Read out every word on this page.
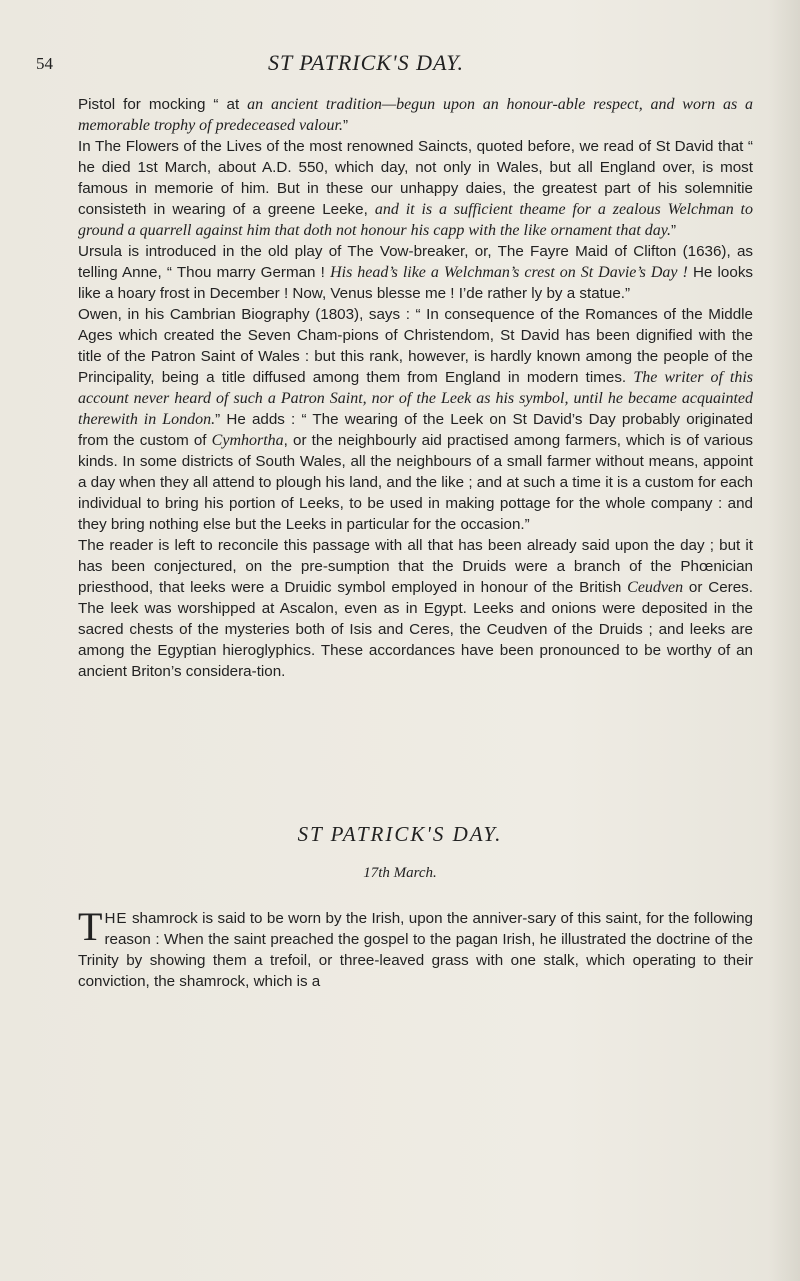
54	ST PATRICK'S DAY.

Pistol for mocking “ at an ancient tradition—begun upon an honour-able respect, and worn as a memorable trophy of predeceased valour.”

In The Flowers of the Lives of the most renowned Saincts, quoted before, we read of St David that “ he died 1st March, about A.D. 550, which day, not only in Wales, but all England over, is most famous in memorie of him. But in these our unhappy daies, the greatest part of his solemnitie consisteth in wearing of a greene Leeke, and it is a sufficient theame for a zealous Welchman to ground a quarrell against him that doth not honour his capp with the like ornament that day.”

Ursula is introduced in the old play of The Vow-breaker, or, The Fayre Maid of Clifton (1636), as telling Anne, “ Thou marry German ! His head’s like a Welchman’s crest on St Davie’s Day ! He looks like a hoary frost in December ! Now, Venus blesse me ! I’de rather ly by a statue.”

Owen, in his Cambrian Biography (1803), says : “ In consequence of the Romances of the Middle Ages which created the Seven Cham-pions of Christendom, St David has been dignified with the title of the Patron Saint of Wales : but this rank, however, is hardly known among the people of the Principality, being a title diffused among them from England in modern times. The writer of this account never heard of such a Patron Saint, nor of the Leek as his symbol, until he became acquainted therewith in London.” He adds : “ The wearing of the Leek on St David’s Day probably originated from the custom of Cymhortha, or the neighbourly aid practised among farmers, which is of various kinds. In some districts of South Wales, all the neighbours of a small farmer without means, appoint a day when they all attend to plough his land, and the like ; and at such a time it is a custom for each individual to bring his portion of Leeks, to be used in making pottage for the whole company : and they bring nothing else but the Leeks in particular for the occasion.”

The reader is left to reconcile this passage with all that has been already said upon the day ; but it has been conjectured, on the pre-sumption that the Druids were a branch of the Phœnician priesthood, that leeks were a Druidic symbol employed in honour of the British Ceudven or Ceres. The leek was worshipped at Ascalon, even as in Egypt. Leeks and onions were deposited in the sacred chests of the mysteries both of Isis and Ceres, the Ceudven of the Druids ; and leeks are among the Egyptian hieroglyphics. These accordances have been pronounced to be worthy of an ancient Briton’s considera-tion.

ST PATRICK'S DAY.
17th March.
THE shamrock is said to be worn by the Irish, upon the anniver-sary of this saint, for the following reason : When the saint preached the gospel to the pagan Irish, he illustrated the doctrine of the Trinity by showing them a trefoil, or three-leaved grass with one stalk, which operating to their conviction, the shamrock, which is a
